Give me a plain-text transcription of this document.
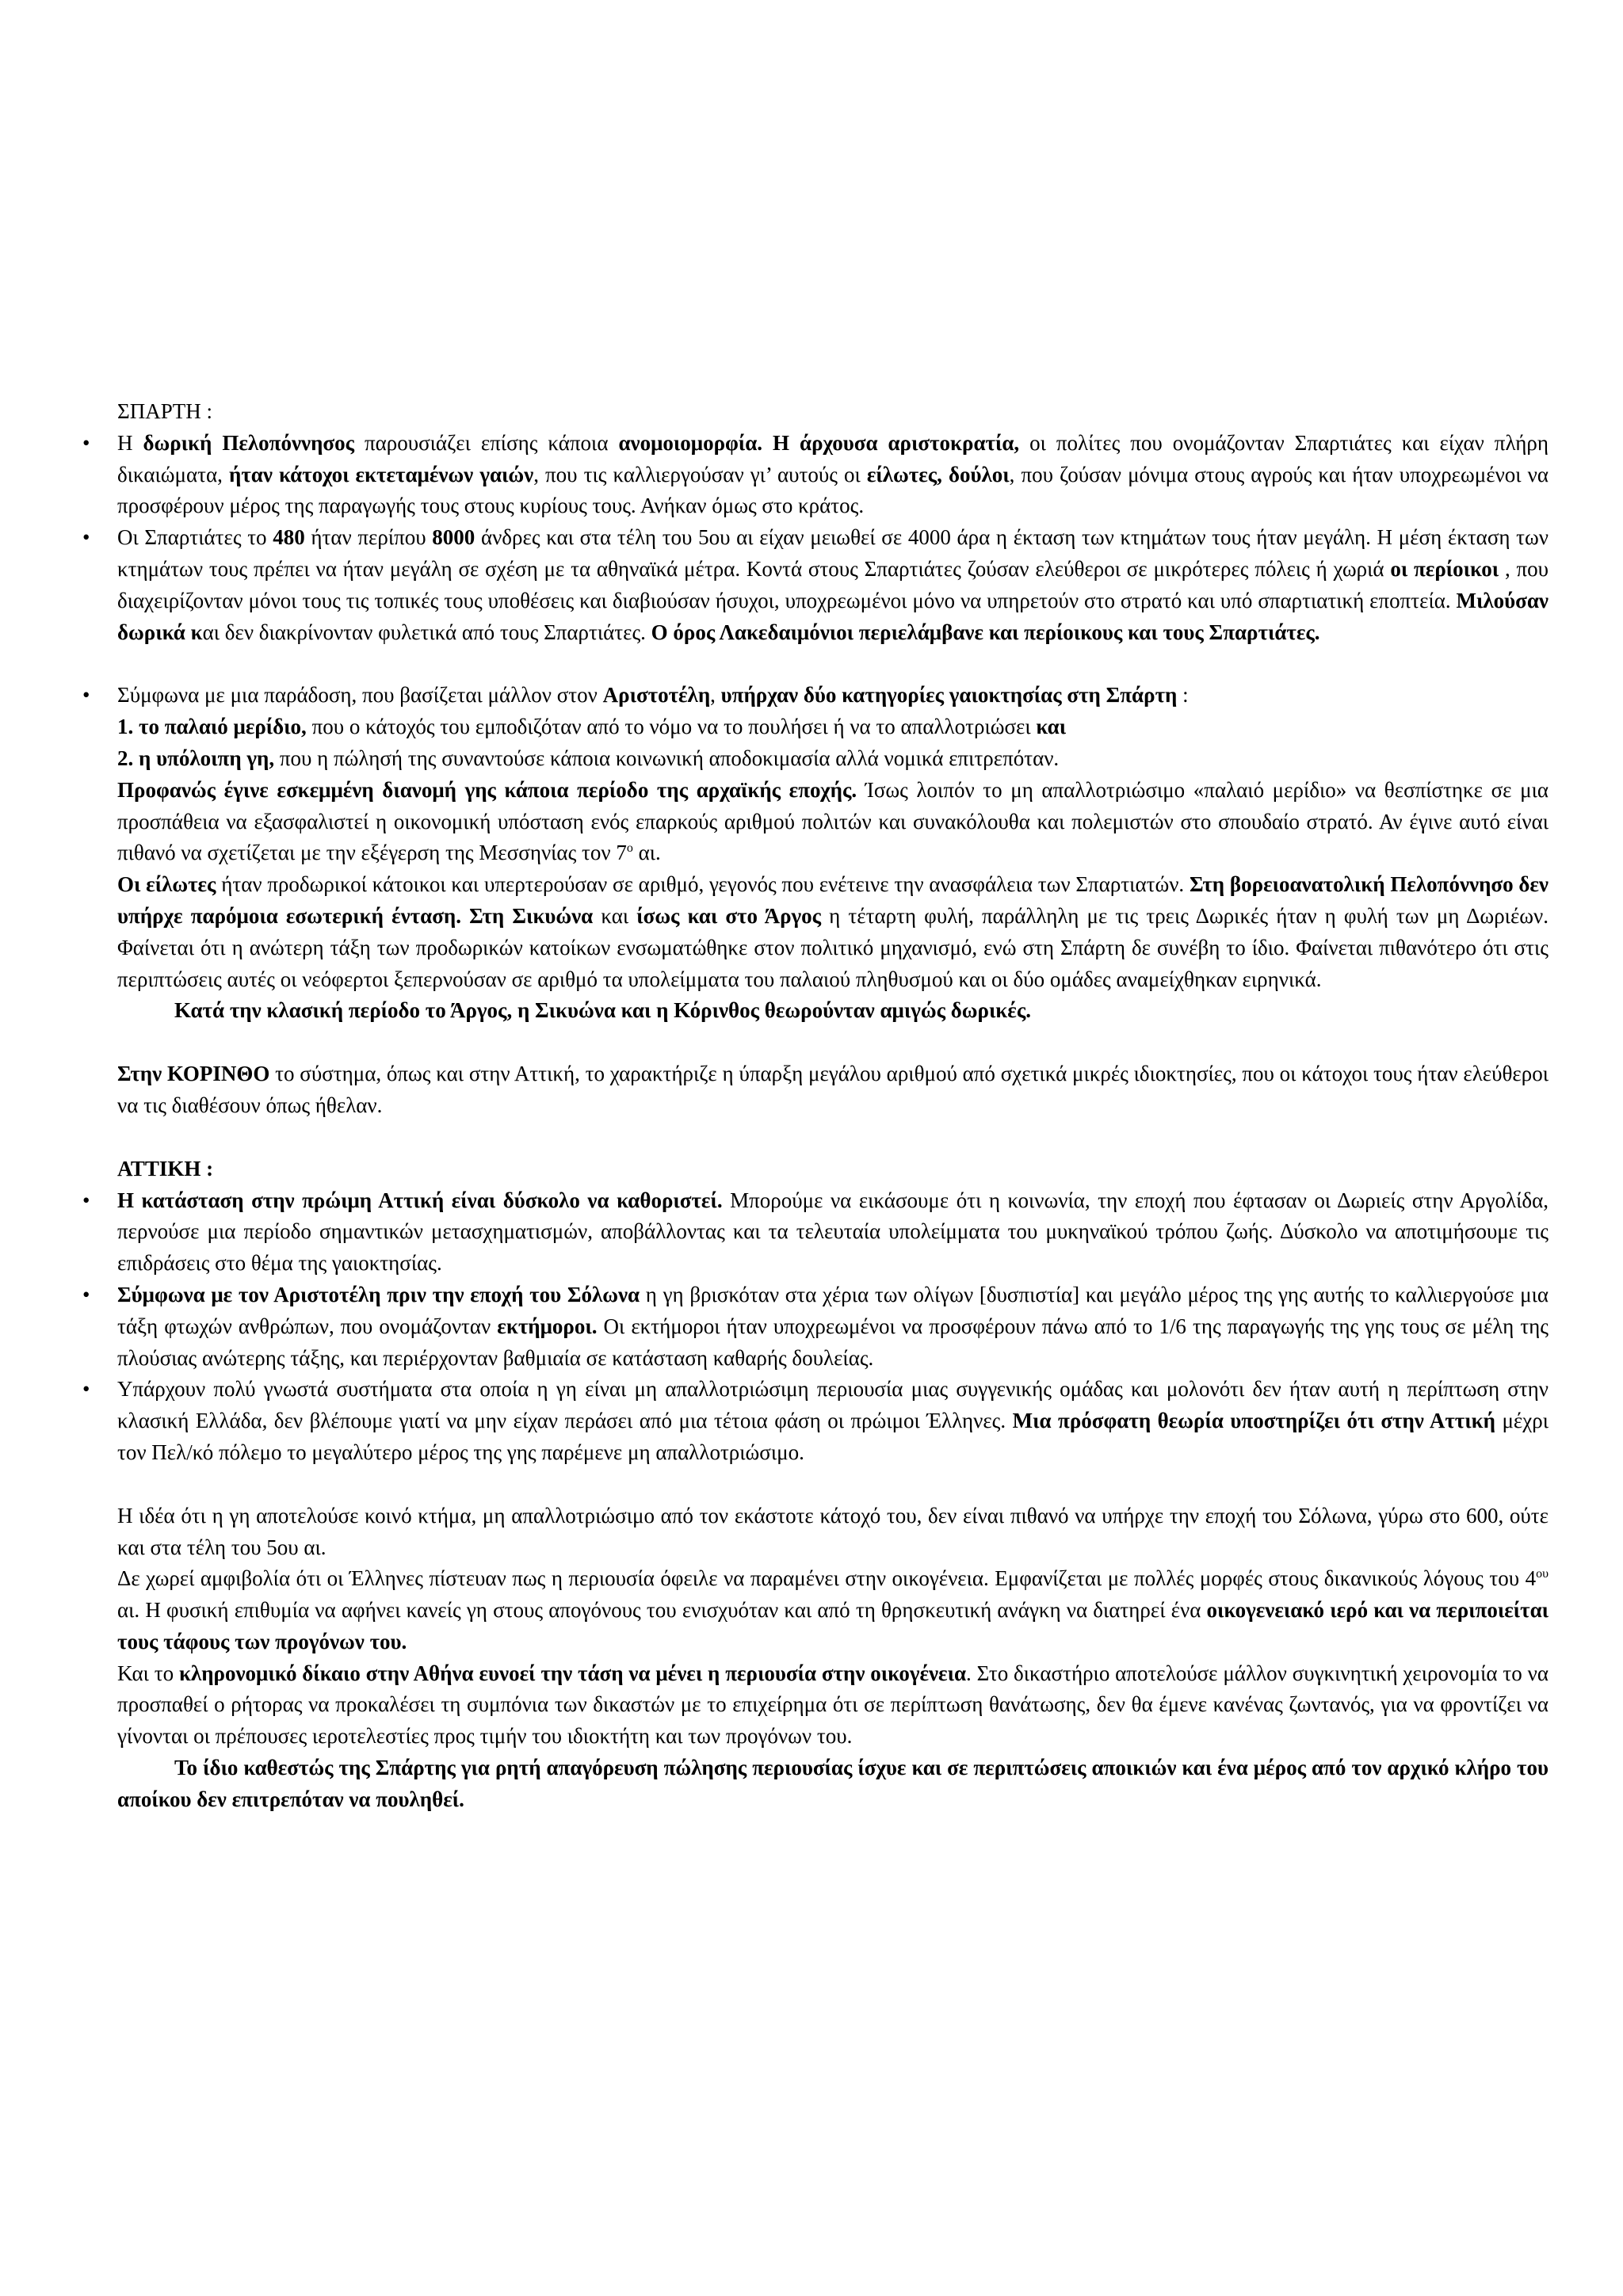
ΣΠΑΡΤΗ :

• Η δωρική Πελοπόννησος παρουσιάζει επίσης κάποια ανομοιομορφία. Η άρχουσα αριστοκρατία, οι πολίτες που ονομάζονταν Σπαρτιάτες και είχαν πλήρη δικαιώματα, ήταν κάτοχοι εκτεταμένων γαιών, που τις καλλιεργούσαν γι’ αυτούς οι είλωτες, δούλοι, που ζούσαν μόνιμα στους αγρούς και ήταν υποχρεωμένοι να προσφέρουν μέρος της παραγωγής τους στους κυρίους τους. Ανήκαν όμως στο κράτος.
• Οι Σπαρτιάτες το 480 ήταν περίπου 8000 άνδρες και στα τέλη του 5ου αι είχαν μειωθεί σε 4000 άρα η έκταση των κτημάτων τους ήταν μεγάλη. Η μέση έκταση των κτημάτων τους πρέπει να ήταν μεγάλη σε σχέση με τα αθηναϊκά μέτρα. Κοντά στους Σπαρτιάτες ζούσαν ελεύθεροι σε μικρότερες πόλεις ή χωριά οι περίοικοι , που διαχειρίζονταν μόνοι τους τις τοπικές τους υποθέσεις και διαβιούσαν ήσυχοι, υποχρεωμένοι μόνο να υπηρετούν στο στρατό και υπό σπαρτιατική εποπτεία. Μιλούσαν δωρικά και δεν διακρίνονταν φυλετικά από τους Σπαρτιάτες. Ο όρος Λακεδαιμόνιοι περιελάμβανε και περίοικους και τους Σπαρτιάτες.
• Σύμφωνα με μια παράδοση, που βασίζεται μάλλον στον Αριστοτέλη, υπήρχαν δύο κατηγορίες γαιοκτησίας στη Σπάρτη :
1. το παλαιό μερίδιο, που ο κάτοχός του εμποδιζόταν από το νόμο να το πουλήσει ή να το απαλλοτριώσει και
2. η υπόλοιπη γη, που η πώλησή της συναντούσε κάποια κοινωνική αποδοκιμασία αλλά νομικά επιτρεπόταν.

Προφανώς έγινε εσκεμμένη διανομή γης κάποια περίοδο της αρχαϊκής εποχής. Ίσως λοιπόν το μη απαλλοτριώσιμο «παλαιό μερίδιο» να θεσπίστηκε σε μια προσπάθεια να εξασφαλιστεί η οικονομική υπόσταση ενός επαρκούς αριθμού πολιτών και συνακόλουθα και πολεμιστών στο σπουδαίο στρατό. Αν έγινε αυτό είναι πιθανό να σχετίζεται με την εξέγερση της Μεσσηνίας τον $7^o$ αι.

Οι είλωτες ήταν προδωρικοί κάτοικοι και υπερτερούσαν σε αριθμό, γεγονός που ενέτεινε την ανασφάλεια των Σπαρτιατών. Στη βορειοανατολική Πελοπόννησο δεν υπήρχε παρόμοια εσωτερική ένταση. Στη Σικυώνα και ίσως και στο Άργος η τέταρτη φυλή, παράλληλη με τις τρεις Δωρικές ήταν η φυλή των μη Δωριέων. Φαίνεται ότι η ανώτερη τάξη των προδωρικών κατοίκων ενσωματώθηκε στον πολιτικό μηχανισμό, ενώ στη Σπάρτη δε συνέβη το ίδιο. Φαίνεται πιθανότερο ότι στις περιπτώσεις αυτές οι νεόφερτοι ξεπερνούσαν σε αριθμό τα υπολείμματα του παλαιού πληθυσμού και οι δύο ομάδες αναμείχθηκαν ειρηνικά.

Κατά την κλασική περίοδο το Άργος, η Σικυώνα και η Κόρινθος θεωρούνταν αμιγώς δωρικές.

Στην ΚΟΡΙΝΘΟ το σύστημα, όπως και στην Αττική, το χαρακτήριζε η ύπαρξη μεγάλου αριθμού από σχετικά μικρές ιδιοκτησίες, που οι κάτοχοι τους ήταν ελεύθεροι να τις διαθέσουν όπως ήθελαν.

ΑΤΤΙΚΗ :

• Η κατάσταση στην πρώιμη Αττική είναι δύσκολο να καθοριστεί. Μπορούμε να εικάσουμε ότι η κοινωνία, την εποχή που έφτασαν οι Δωριείς στην Αργολίδα, περνούσε μια περίοδο σημαντικών μετασχηματισμών, αποβάλλοντας και τα τελευταία υπολείμματα του μυκηναϊκού τρόπου ζωής. Δύσκολο να αποτιμήσουμε τις επιδράσεις στο θέμα της γαιοκτησίας.
• Σύμφωνα με τον Αριστοτέλη πριν την εποχή του Σόλωνα η γη βρισκόταν στα χέρια των ολίγων [δυσπιστία] και μεγάλο μέρος της γης αυτής το καλλιεργούσε μια τάξη φτωχών ανθρώπων, που ονομάζονταν εκτήμοροι. Οι εκτήμοροι ήταν υποχρεωμένοι να προσφέρουν πάνω από το 1/6 της παραγωγής της γης τους σε μέλη της πλούσιας ανώτερης τάξης, και περιέρχονταν βαθμιαία σε κατάσταση καθαρής δουλείας.
• Υπάρχουν πολύ γνωστά συστήματα στα οποία η γη είναι μη απαλλοτριώσιμη περιουσία μιας συγγενικής ομάδας και μολονότι δεν ήταν αυτή η περίπτωση στην κλασική Ελλάδα, δεν βλέπουμε γιατί να μην είχαν περάσει από μια τέτοια φάση οι πρώιμοι Έλληνες. Μια πρόσφατη θεωρία υποστηρίζει ότι στην Αττική μέχρι τον Πελ/κό πόλεμο το μεγαλύτερο μέρος της γης παρέμενε μη απαλλοτριώσιμο.

Η ιδέα ότι η γη αποτελούσε κοινό κτήμα, μη απαλλοτριώσιμο από τον εκάστοτε κάτοχό του, δεν είναι πιθανό να υπήρχε την εποχή του Σόλωνα, γύρω στο 600, ούτε και στα τέλη του 5ου αι.

Δε χωρεί αμφιβολία ότι οι Έλληνες πίστευαν πως η περιουσία όφειλε να παραμένει στην οικογένεια. Εμφανίζεται με πολλές μορφές στους δικανικούς λόγους του $4^{o\upsilon}$ αι. Η φυσική επιθυμία να αφήνει κανείς γη στους απογόνους του ενισχυόταν και από τη θρησκευτική ανάγκη να διατηρεί ένα οικογενειακό ιερό και να περιποιείται τους τάφους των προγόνων του.

Και το κληρονομικό δίκαιο στην Αθήνα ευνοεί την τάση να μένει η περιουσία στην οικογένεια. Στο δικαστήριο αποτελούσε μάλλον συγκινητική χειρονομία το να προσπαθεί ο ρήτορας να προκαλέσει τη συμπόνια των δικαστών με το επιχείρημα ότι σε περίπτωση θανάτωσης, δεν θα έμενε κανένας ζωντανός, για να φροντίζει να γίνονται οι πρέπουσες ιεροτελεστίες προς τιμήν του ιδιοκτήτη και των προγόνων του.

Το ίδιο καθεστώς της Σπάρτης για ρητή απαγόρευση πώλησης περιουσίας ίσχυε και σε περιπτώσεις αποικιών και ένα μέρος από τον αρχικό κλήρο του αποίκου δεν επιτρεπόταν να πουληθεί.
